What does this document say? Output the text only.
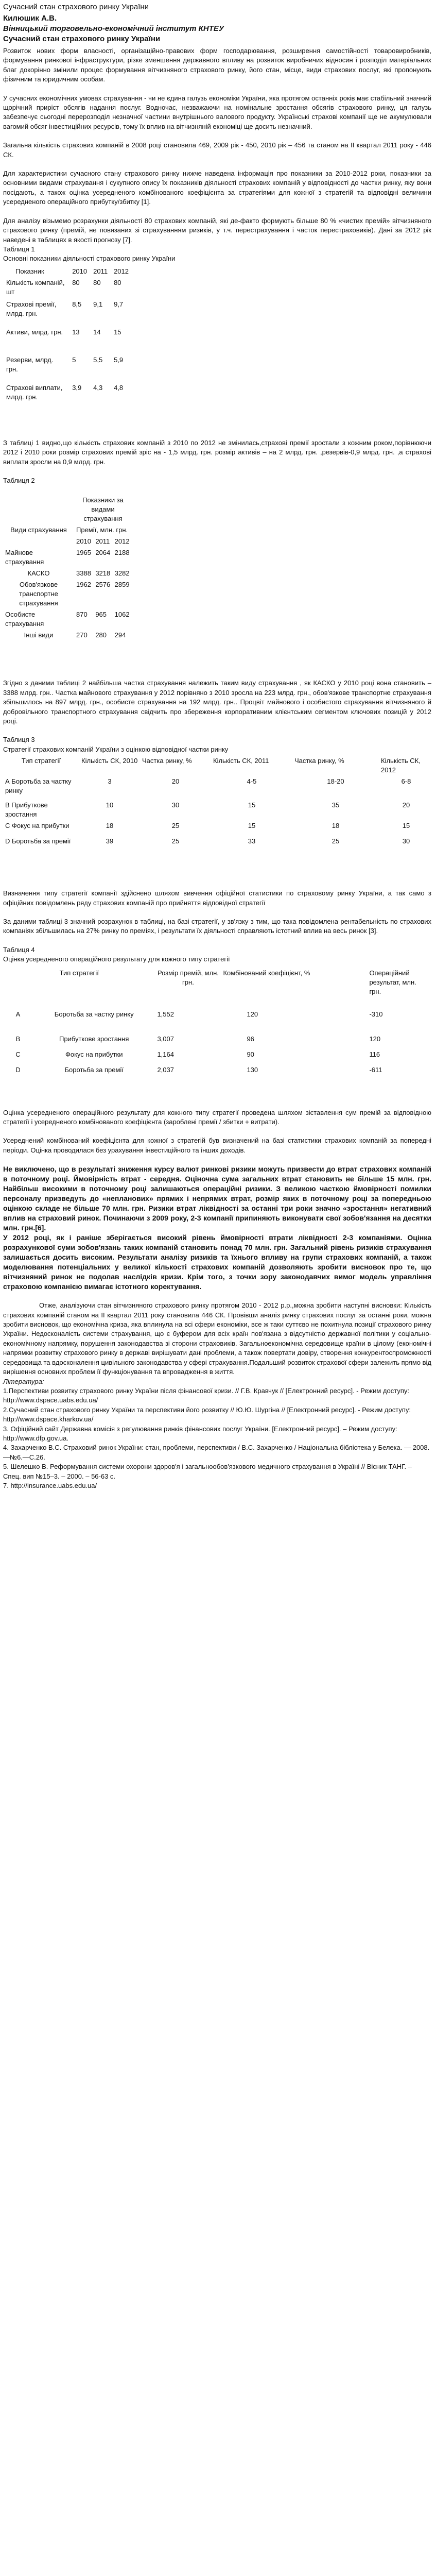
Сучасний стан страхового ринку України
Килюшик А.В.
Вінницький торговельно-економічний інститут КНТЕУ
Сучасний стан страхового ринку України

Розвиток нових форм власності, організаційно-правових форм господарювання, розширення самостійності товаровиробників, формування ринкової інфраструктури, різке зменшення державного впливу на розвиток виробничих відносин і розподіл матеріальних благ докорінно змінили процес формування вітчизняного страхового ринку, його стан, місце, види страхових послуг, які пропонують фізичним та юридичним особам.

У сучасних економічних умовах страхування - чи не єдина галузь економіки України, яка протягом останніх років має стабільний значний щорічний приріст обсягів надання послуг. Водночас, незважаючи на номінальне зростання обсягів страхового ринку, ця галузь забезпечує сьогодні перерозподіл незначної частини внутрішнього валового продукту. Українські страхові компанії ще не акумулювали вагомий обсяг інвестиційних ресурсів, тому їх вплив на вітчизняній економіці ще досить незначний.

Загальна кількість страхових компаній в 2008 році становила 469, 2009 рік - 450, 2010 рік – 456 та станом на ІІ квартал 2011 року - 446 СК.

Для характеристики сучасного стану страхового ринку нижче наведена інформація про показники за 2010-2012 роки, показники за основними видами страхування і сукупного опису їх показників діяльності страхових компаній у відповідності до частки ринку, яку вони посідають, а також оцінка усередненого комбінованого коефіцієнта за стратегіями для кожної з стратегій та відповідні величини усередненого операційного прибутку/збитку [1].

Для аналізу візьмемо розрахунки діяльності 80 страхових компаній, які де-факто формують більше 80 % «чистих премій» вітчизняного страхового ринку (премій, не повязаних зі страхуванням ризиків, у т.ч. перестрахування і часток перестраховиків). Дані за 2012 рік наведені в таблицях в якості прогнозу [7].

Таблиця 1

Основні показники діяльності страхового ринку України

Показник	2010	2011	2012
Кількість компаній, шт	80	80	80
Страхові премії, млрд. грн.	8,5	9,1	9,7
Активи, млрд. грн.	13	14	15
Резерви, млрд. грн.	5	5,5	5,9
Страхові виплати, млрд. грн.	3,9	4,3	4,8

З таблиці 1 видно,що кількість страхових компаній з 2010 по 2012 не змінилась,страхові премії зростали з кожним роком,порівнюючи 2012 і 2010 роки розмір страхових премій зріс на - 1,5 млрд. грн. розмір активів – на 2 млрд. грн. ,резервів-0,9 млрд. грн. ,а страхові виплати зросли на 0,9 млрд. грн.

Таблиця 2

	Показники за видами страхування		
Види страхування	Премії, млн. грн.		
	2010	2011	2012
Майнове страхування	1965	2064	2188
КАСКО	3388	3218	3282
Обов'язкове транспортне страхування	1962	2576	2859
Особисте страхування	870	965	1062
Інші види	270	280	294

Згідно з даними таблиці 2 найбільша частка страхування належить таким виду страхування , як КАСКО у 2010 році вона становить – 3388 млрд. грн.. Частка майнового страхування у 2012 порівняно з 2010 зросла на 223 млрд. грн., обов'язкове транспортне страхування збільшилось на 897 млрд. грн., особисте страхування на 192 млрд. грн.. Процвіт майнового і особистого страхування вітчизняного й добровільного транспортного страхування свідчить про збереження корпоративним клієнтським сегментом ключових позицій у 2012 році.

Таблиця 3

Стратегії страхових компаній України з оцінкою відповідної частки ринку

Тип стратегії	Кількість СК, 2010	Частка ринку, %	Кількість СК, 2011	Частка ринку, %	Кількість СК, 2012
А Боротьба за частку ринку	3	20	4-5	18-20	6-8
В Прибуткове зростання	10	30	15	35	20
С Фокус на прибутки	18	25	15	18	15
D Боротьба за премії	39	25	33	25	30

Визначення типу стратегії компанії здійснено шляхом вивчення офіційної статистики по страховому ринку України, а так само з офіційних повідомлень ряду страхових компаній про прийняття відповідної стратегії

За даними таблиці 3 значний розрахунок в таблиці, на базі стратегії, у зв'язку з тим, що така повідомлена рентабельність по страхових компаніях збільшилась на 27% ринку по преміях, і результати їх діяльності справляють істотний вплив на весь ринок [3].

Таблиця 4

Оцінка усередненого операційного результату для кожного типу стратегії

Тип стратегії		Розмір премій, млн. грн.	Комбінований коефіцієнт, %	Операційний результат, млн. грн.	
A	Боротьба за частку ринку	1,552	120	-310	
B	Прибуткове зростання	3,007	96	120	
C	Фокус на прибутки	1,164	90	116	
D	Боротьба за премії	2,037	130	-611	

Оцінка усередненого операційного результату для кожного типу стратегії проведена шляхом зіставлення сум премій за відповідною стратегії і усередненого комбінованого коефіцієнта (зароблені премії / збитки + витрати).

Усереднений комбінований коефіцієнта для кожної з стратегій був визначений на базі статистики страхових компаній за попередні періоди. Оцінка проводилася без урахування інвестиційного та інших доходів.

Не виключено, що в результаті зниження курсу валют ринкові ризики можуть призвести до втрат страхових компаній в поточному році. Ймовірність втрат - середня. Оціночна сума загальних втрат становить не більше 15 млн. грн. Найбільш високими в поточному році залишаються операційні ризики. З великою часткою ймовірності помилки персоналу призведуть до «непланових» прямих і непрямих втрат, розмір яких в поточному році за попередньою оцінкою складе не більше 70 млн. грн. Ризики втрат ліквідності за останні три роки значно «зростання» негативний вплив на страховий ринок. Починаючи з 2009 року, 2-3 компанії припиняють виконувати свої зобов'язання на десятки млн. грн.[6].

У 2012 році, як і раніше зберігається високий рівень ймовірності втрати ліквідності 2-3 компаніями. Оцінка розрахункової суми зобов'язань таких компаній становить понад 70 млн. грн. Загальний рівень ризиків страхування залишається досить високим. Результати аналізу ризиків та їхнього впливу на групи страхових компаній, а також моделювання потенціальних у великої кількості страхових компаній дозволяють зробити висновок про те, що вітчизняний ринок не подолав наслідків кризи. Крім того, з точки зору законодавчих вимог модель управління страховою компанією вимагає істотного коректування.

Отже, аналізуючи стан вітчизняного страхового ринку протягом 2010 - 2012 р.р.,можна зробити наступні висновки: Кількість страхових компаній станом на ІІ квартал 2011 року становила 446 СК. Провівши аналіз ринку страхових послуг за останні роки, можна зробити висновок, що економічна криза, яка вплинула на всі сфери економіки, все ж таки суттєво не похитнула позиції страхового ринку України. Недосконалість системи страхування, що є буфером для всіх країн пов'язана з відсутністю державної політики у соціально-економічному напрямку, порушення законодавства зі сторони страховиків. Загальноекономічна середовище країни в цілому (економічні напрямки розвитку страхового ринку в державі вирішувати дані проблеми, а також повертати довіру, створення конкурентоспроможності середовища та вдосконалення цивільного законодавства у сфері страхування.Подальший розвиток страхової сфери залежить прямо від вирішення основних проблем її функціонування та впровадження в життя.

Література:

1.Перспективи розвитку страхового ринку України після фінансової кризи. // Г.В. Кравчук // [Електронний ресурс]. - Режим доступу: http://www.dspace.uabs.edu.ua/

2.Сучасний стан страхового ринку України та перспективи його розвитку // Ю.Ю. Шургіна // [Електронний ресурс]. - Режим доступу: http://www.dspace.kharkov.ua/

3. Офіційний сайт Державна комісія з регулювання ринків фінансових послуг України. [Електронний ресурс]. – Режим доступу: http://www.dfp.gov.ua.

4. Захарченко В.С. Страховий ринок України: стан, проблеми, перспективи / В.С. Захарченко / Національна бібліотека у Белека. — 2008.—№6.—С.26.

5. Шелешко В. Реформування системи охорони здоров'я і загальнообов'язкового медичного страхування в Україні // Вісник ТАНГ. – Спец. вип №15–3. – 2000. – 56-63 с.

7. http://insurance.uabs.edu.ua/
